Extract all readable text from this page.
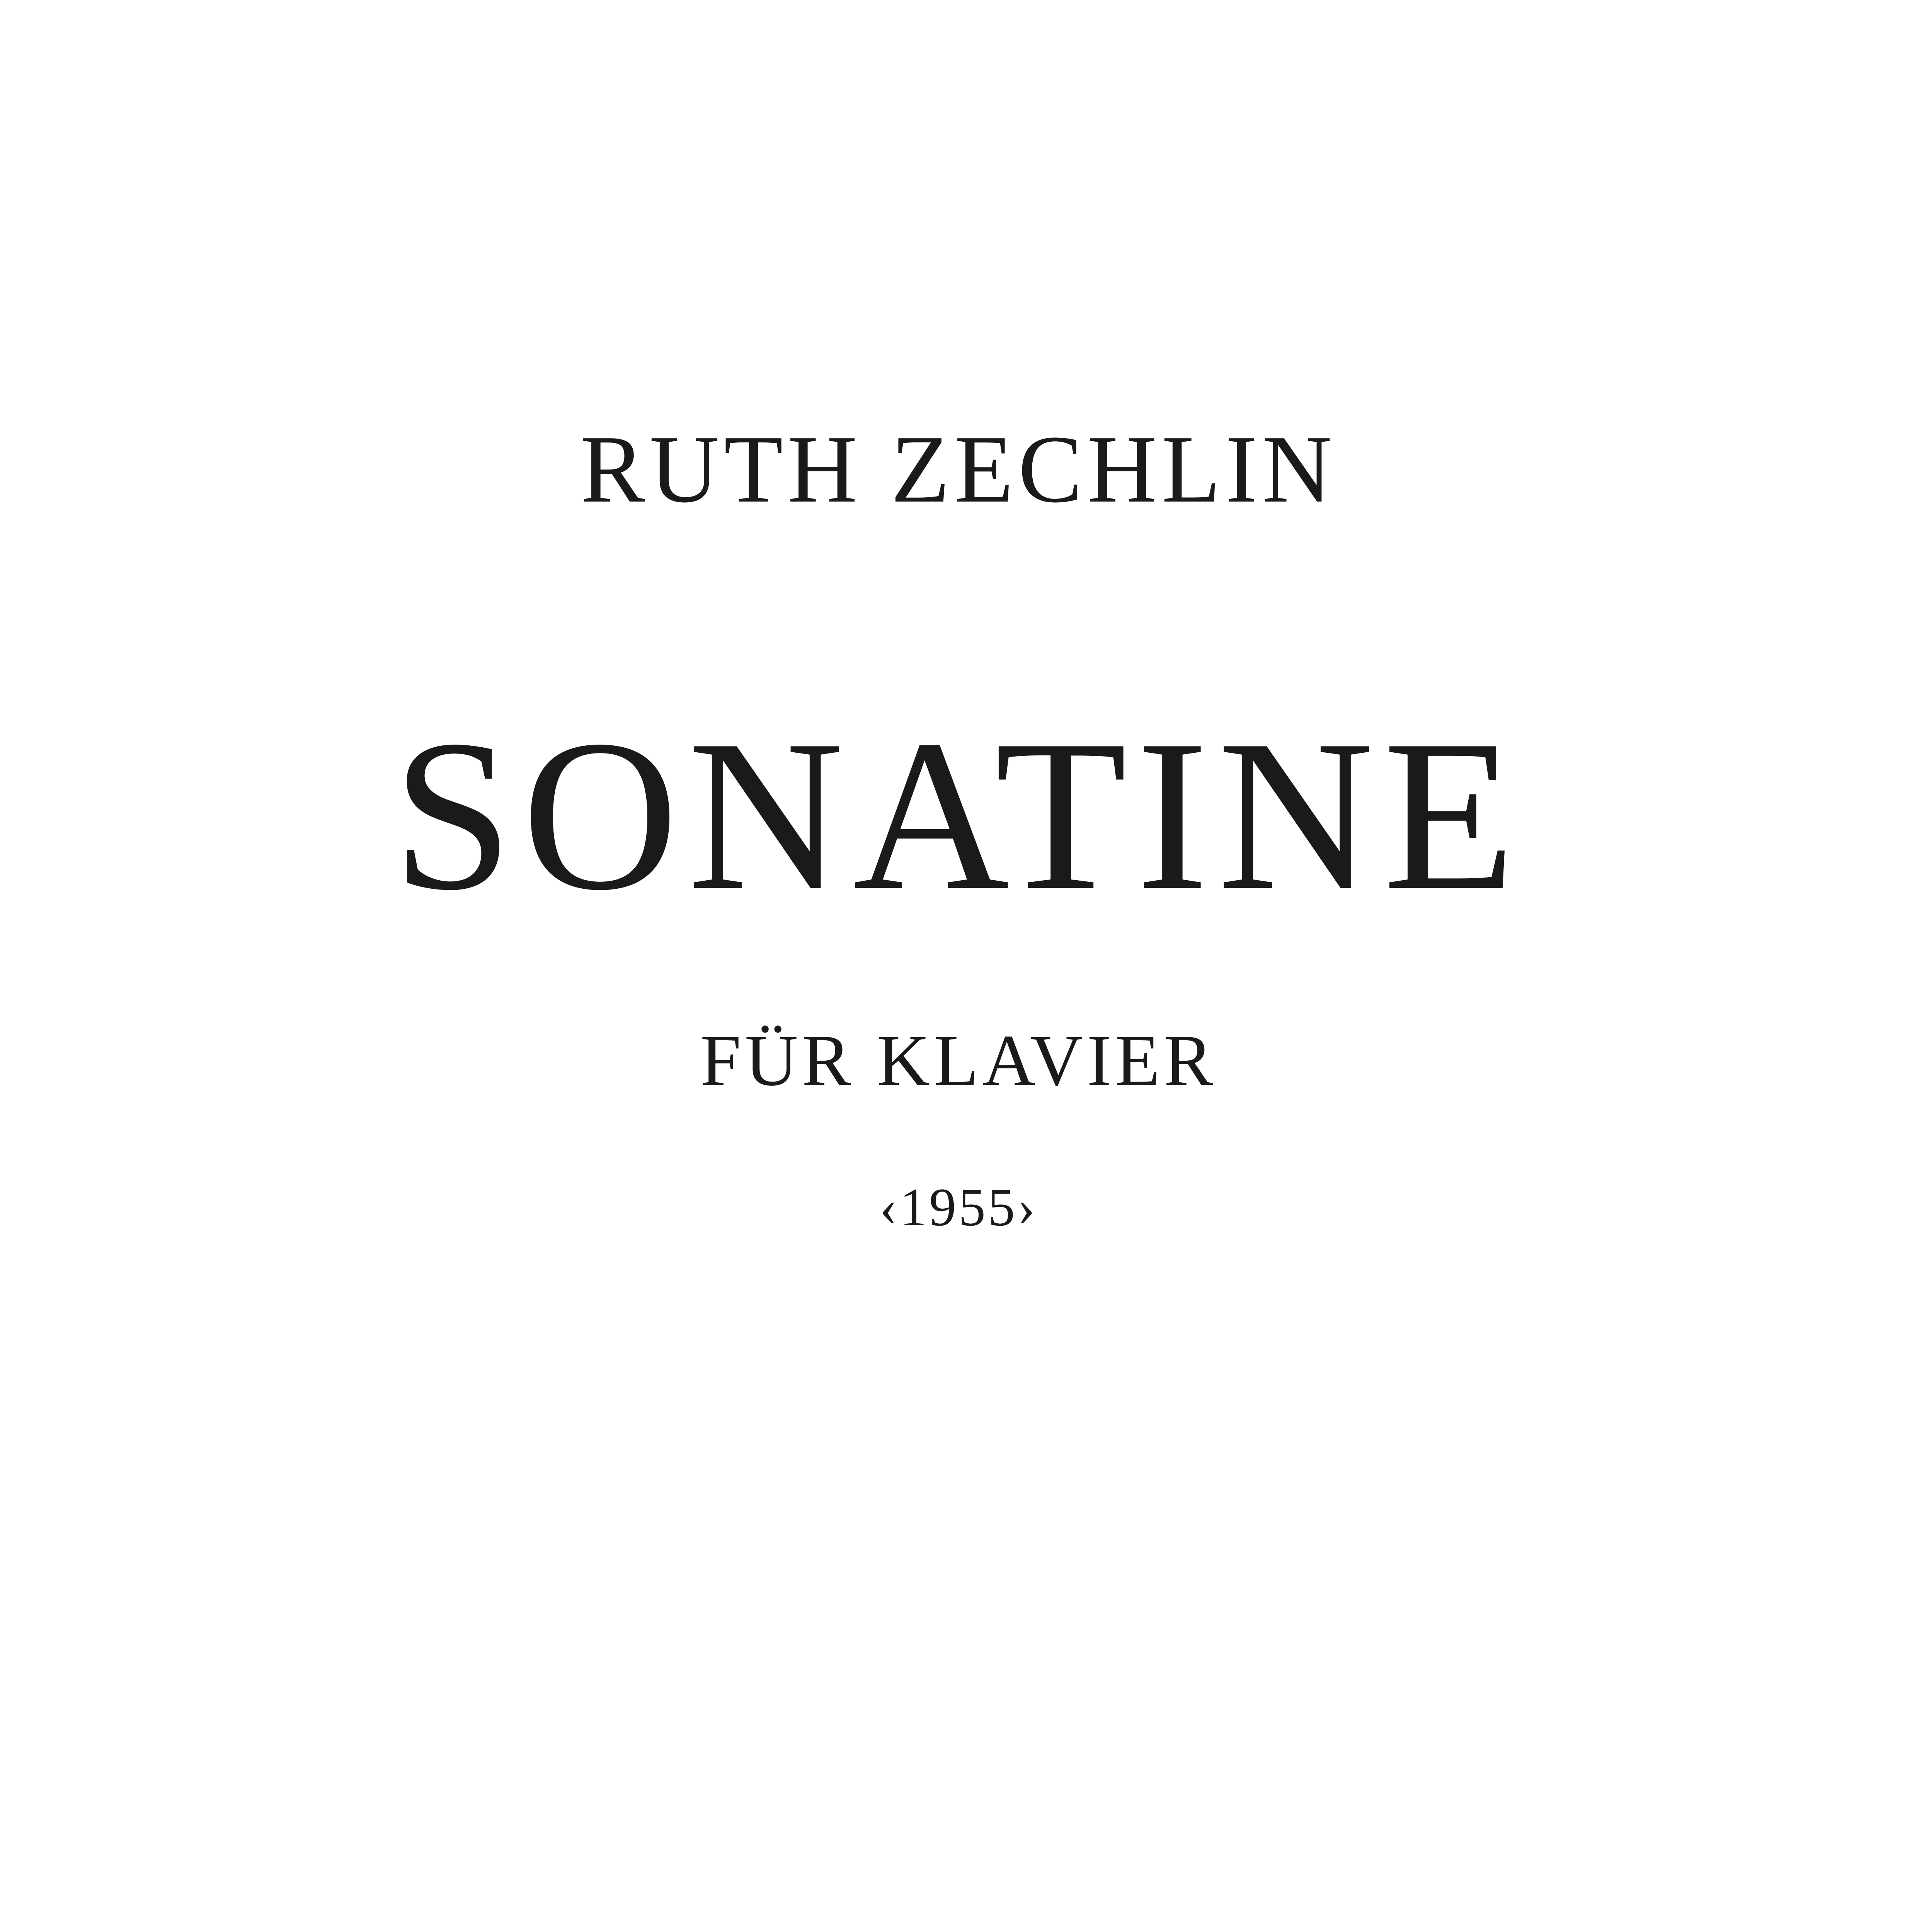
RUTH ZECHLIN
SONATINE
FÜR KLAVIER
‹1955›
